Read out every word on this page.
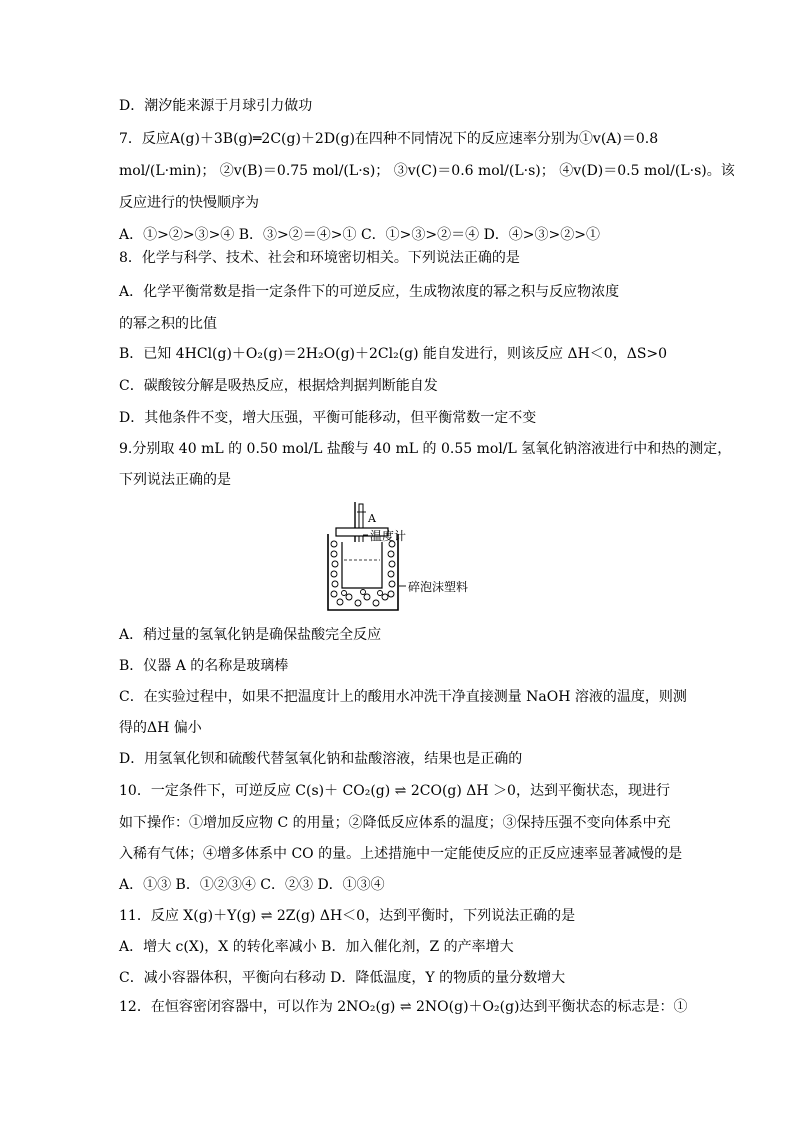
D．潮汐能来源于月球引力做功
7．反应A(g)＋3B(g)═2C(g)＋2D(g)在四种不同情况下的反应速率分别为①v(A)＝0.8
mol/(L·min)； ②v(B)＝0.75 mol/(L·s)； ③v(C)＝0.6 mol/(L·s)； ④v(D)＝0.5 mol/(L·s)。该
反应进行的快慢顺序为
A．①>②>③>④ B．③>②＝④>① C．①>③>②＝④ D．④>③>②>①
8．化学与科学、技术、社会和环境密切相关。下列说法正确的是
A．化学平衡常数是指一定条件下的可逆反应，生成物浓度的幂之积与反应物浓度
的幂之积的比值
B．已知 4HCl(g)＋O₂(g)＝2H₂O(g)＋2Cl₂(g) 能自发进行，则该反应 ΔH＜0，ΔS>0
C．碳酸铵分解是吸热反应，根据焓判据判断能自发
D．其他条件不变，增大压强，平衡可能移动，但平衡常数一定不变
9.分别取 40 mL 的 0.50 mol/L 盐酸与 40 mL 的 0.55 mol/L 氢氧化钠溶液进行中和热的测定，
下列说法正确的是
A
温度计
碎泡沫塑料
A．稍过量的氢氧化钠是确保盐酸完全反应
B．仪器 A 的名称是玻璃棒
C．在实验过程中，如果不把温度计上的酸用水冲洗干净直接测量 NaOH 溶液的温度，则测
得的ΔH 偏小
D．用氢氧化钡和硫酸代替氢氧化钠和盐酸溶液，结果也是正确的
10．一定条件下，可逆反应 C(s)＋ CO₂(g) ⇌ 2CO(g) ΔH ＞0，达到平衡状态，现进行
如下操作：①增加反应物 C 的用量；②降低反应体系的温度；③保持压强不变向体系中充
入稀有气体；④增多体系中 CO 的量。上述措施中一定能使反应的正反应速率显著减慢的是
A．①③ B．①②③④ C．②③ D．①③④
11．反应 X(g)＋Y(g) ⇌ 2Z(g) ΔH＜0，达到平衡时，下列说法正确的是
A．增大 c(X)，X 的转化率减小 B．加入催化剂，Z 的产率增大
C．减小容器体积，平衡向右移动 D．降低温度，Y 的物质的量分数增大
12．在恒容密闭容器中，可以作为 2NO₂(g) ⇌ 2NO(g)＋O₂(g)达到平衡状态的标志是：①
